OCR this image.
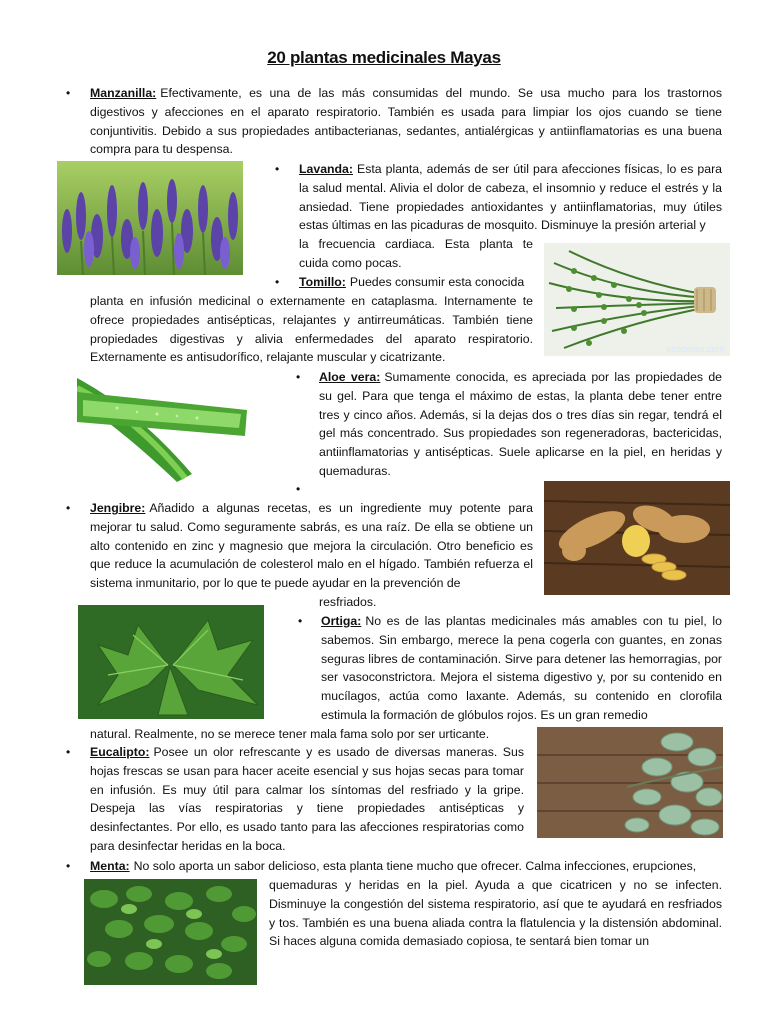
20 plantas medicinales Mayas
• Manzanilla: Efectivamente, es una de las más consumidas del mundo. Se usa mucho para los trastornos digestivos y afecciones en el aparato respiratorio. También es usada para limpiar los ojos cuando se tiene conjuntivitis. Debido a sus propiedades antibacterianas, sedantes, antialérgicas y antiinflamatorias es una buena compra para tu despensa.

• Lavanda: Esta planta, además de ser útil para afecciones físicas, lo es para la salud mental. Alivia el dolor de cabeza, el insomnio y reduce el estrés y la ansiedad. Tiene propiedades antioxidantes y antiinflamatorias, muy útiles estas últimas en las picaduras de mosquito. Disminuye la presión arterial y

la frecuencia cardiaca. Esta planta te cuida como pocas.

ecocosas.com
• Tomillo: Puedes consumir esta conocida

planta en infusión medicinal o externamente en cataplasma. Internamente te ofrece propiedades antisépticas, relajantes y antirreumáticas. También tiene propiedades digestivas y alivia enfermedades del aparato respiratorio. Externamente es antisudorífico, relajante muscular y cicatrizante.

• Aloe vera: Sumamente conocida, es apreciada por las propiedades de su gel. Para que tenga el máximo de estas, la planta debe tener entre tres y cinco años. Además, si la dejas dos o tres días sin regar, tendrá el gel más concentrado. Sus propiedades son regeneradoras, bactericidas, antiinflamatorias y antisépticas. Suele aplicarse en la piel, en heridas y quemaduras.

•
• Jengibre: Añadido a algunas recetas, es un ingrediente muy potente para mejorar tu salud. Como seguramente sabrás, es una raíz. De ella se obtiene un alto contenido en zinc y magnesio que mejora la circulación. Otro beneficio es que reduce la acumulación de colesterol malo en el hígado. También refuerza el sistema inmunitario, por lo que te puede ayudar en la prevención de

resfriados.

• Ortiga: No es de las plantas medicinales más amables con tu piel, lo sabemos. Sin embargo, merece la pena cogerla con guantes, en zonas seguras libres de contaminación. Sirve para detener las hemorragias, por ser vasoconstrictora. Mejora el sistema digestivo y, por su contenido en mucílagos, actúa como laxante. Además, su contenido en clorofila estimula la formación de glóbulos rojos. Es un gran remedio

natural. Realmente, no se merece tener mala fama solo por ser urticante.

• Eucalipto: Posee un olor refrescante y es usado de diversas maneras. Sus hojas frescas se usan para hacer aceite esencial y sus hojas secas para tomar en infusión. Es muy útil para calmar los síntomas del resfriado y la gripe. Despeja las vías respiratorias y tiene propiedades antisépticas y desinfectantes. Por ello, es usado tanto para las afecciones respiratorias como para desinfectar heridas en la boca.

• Menta: No solo aporta un sabor delicioso, esta planta tiene mucho que ofrecer. Calma infecciones, erupciones,

quemaduras y heridas en la piel. Ayuda a que cicatricen y no se infecten. Disminuye la congestión del sistema respiratorio, así que te ayudará en resfriados y tos. También es una buena aliada contra la flatulencia y la distensión abdominal. Si haces alguna comida demasiado copiosa, te sentará bien tomar un
